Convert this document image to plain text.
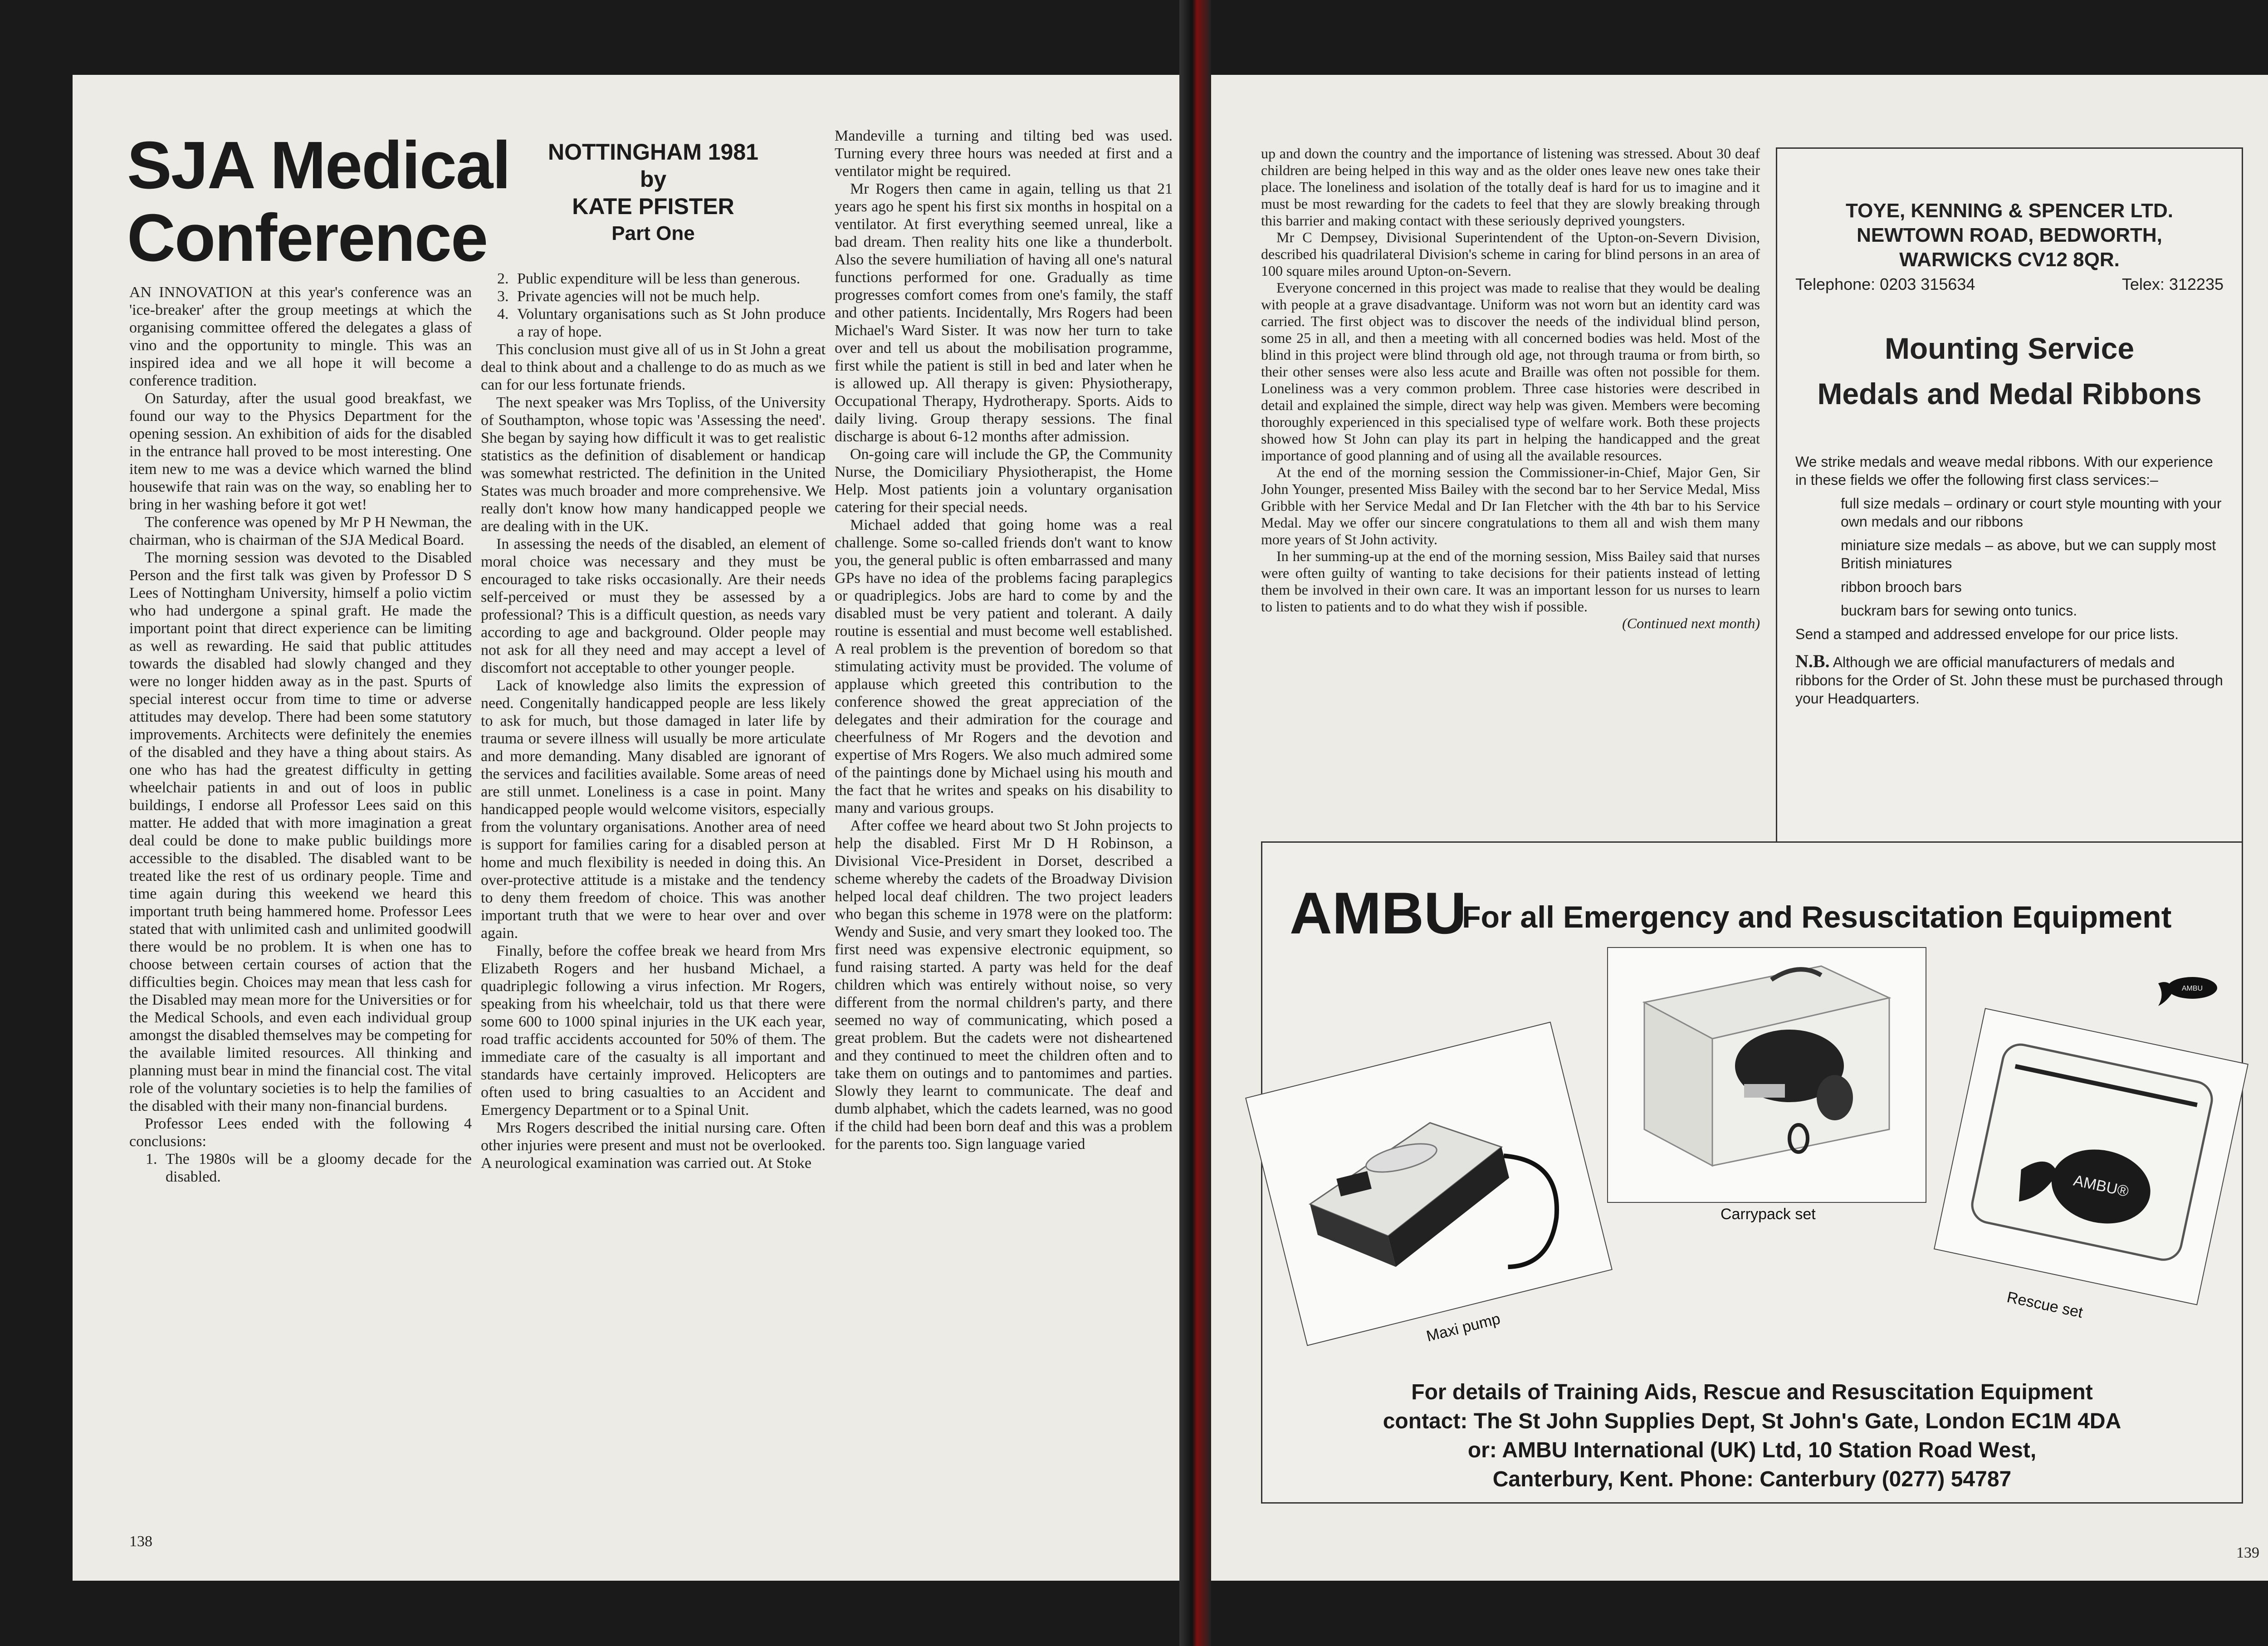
SJA Medical
Conference
NOTTINGHAM 1981
by
KATE PFISTER
Part One

AN INNOVATION at this year's conference was an 'ice-breaker' after the group meetings at which the organising committee offered the delegates a glass of vino and the opportunity to mingle. This was an inspired idea and we all hope it will become a conference tradition.

On Saturday, after the usual good breakfast, we found our way to the Physics Department for the opening session. An exhibition of aids for the disabled in the entrance hall proved to be most interesting. One item new to me was a device which warned the blind housewife that rain was on the way, so enabling her to bring in her washing before it got wet!

The conference was opened by Mr P H Newman, the chairman, who is chairman of the SJA Medical Board.

The morning session was devoted to the Disabled Person and the first talk was given by Professor D S Lees of Nottingham University, himself a polio victim who had undergone a spinal graft. He made the important point that direct experience can be limiting as well as rewarding. He said that public attitudes towards the disabled had slowly changed and they were no longer hidden away as in the past. Spurts of special interest occur from time to time or adverse attitudes may develop. There had been some statutory improvements. Architects were definitely the enemies of the disabled and they have a thing about stairs. As one who has had the greatest difficulty in getting wheelchair patients in and out of loos in public buildings, I endorse all Professor Lees said on this matter. He added that with more imagination a great deal could be done to make public buildings more accessible to the disabled. The disabled want to be treated like the rest of us ordinary people. Time and time again during this weekend we heard this important truth being hammered home. Professor Lees stated that with unlimited cash and unlimited goodwill there would be no problem. It is when one has to choose between certain courses of action that the difficulties begin. Choices may mean that less cash for the Disabled may mean more for the Universities or for the Medical Schools, and even each individual group amongst the disabled themselves may be competing for the available limited resources. All thinking and planning must bear in mind the financial cost. The vital role of the voluntary societies is to help the families of the disabled with their many non-financial burdens.

Professor Lees ended with the following 4 conclusions:

1. The 1980s will be a gloomy decade for the disabled.
2. Public expenditure will be less than generous.
3. Private agencies will not be much help.
4. Voluntary organisations such as St John produce a ray of hope.

This conclusion must give all of us in St John a great deal to think about and a challenge to do as much as we can for our less fortunate friends.

The next speaker was Mrs Topliss, of the University of Southampton, whose topic was 'Assessing the need'. She began by saying how difficult it was to get realistic statistics as the definition of disablement or handicap was somewhat restricted. The definition in the United States was much broader and more comprehensive. We really don't know how many handicapped people we are dealing with in the UK.

In assessing the needs of the disabled, an element of moral choice was necessary and they must be encouraged to take risks occasionally. Are their needs self-perceived or must they be assessed by a professional? This is a difficult question, as needs vary according to age and background. Older people may not ask for all they need and may accept a level of discomfort not acceptable to other younger people.

Lack of knowledge also limits the expression of need. Congenitally handicapped people are less likely to ask for much, but those damaged in later life by trauma or severe illness will usually be more articulate and more demanding. Many disabled are ignorant of the services and facilities available. Some areas of need are still unmet. Loneliness is a case in point. Many handicapped people would welcome visitors, especially from the voluntary organisations. Another area of need is support for families caring for a disabled person at home and much flexibility is needed in doing this. An over-protective attitude is a mistake and the tendency to deny them freedom of choice. This was another important truth that we were to hear over and over again.

Finally, before the coffee break we heard from Mrs Elizabeth Rogers and her husband Michael, a quadriplegic following a virus infection. Mr Rogers, speaking from his wheelchair, told us that there were some 600 to 1000 spinal injuries in the UK each year, road traffic accidents accounted for 50% of them. The immediate care of the casualty is all important and standards have certainly improved. Helicopters are often used to bring casualties to an Accident and Emergency Department or to a Spinal Unit.

Mrs Rogers described the initial nursing care. Often other injuries were present and must not be overlooked. A neurological examination was carried out. At Stoke

Mandeville a turning and tilting bed was used. Turning every three hours was needed at first and a ventilator might be required.

Mr Rogers then came in again, telling us that 21 years ago he spent his first six months in hospital on a ventilator. At first everything seemed unreal, like a bad dream. Then reality hits one like a thunderbolt. Also the severe humiliation of having all one's natural functions performed for one. Gradually as time progresses comfort comes from one's family, the staff and other patients. Incidentally, Mrs Rogers had been Michael's Ward Sister. It was now her turn to take over and tell us about the mobilisation programme, first while the patient is still in bed and later when he is allowed up. All therapy is given: Physiotherapy, Occupational Therapy, Hydrotherapy. Sports. Aids to daily living. Group therapy sessions. The final discharge is about 6-12 months after admission.

On-going care will include the GP, the Community Nurse, the Domiciliary Physiotherapist, the Home Help. Most patients join a voluntary organisation catering for their special needs.

Michael added that going home was a real challenge. Some so-called friends don't want to know you, the general public is often embarrassed and many GPs have no idea of the problems facing paraplegics or quadriplegics. Jobs are hard to come by and the disabled must be very patient and tolerant. A daily routine is essential and must become well established. A real problem is the prevention of boredom so that stimulating activity must be provided. The volume of applause which greeted this contribution to the conference showed the great appreciation of the delegates and their admiration for the courage and cheerfulness of Mr Rogers and the devotion and expertise of Mrs Rogers. We also much admired some of the paintings done by Michael using his mouth and the fact that he writes and speaks on his disability to many and various groups.

After coffee we heard about two St John projects to help the disabled. First Mr D H Robinson, a Divisional Vice-President in Dorset, described a scheme whereby the cadets of the Broadway Division helped local deaf children. The two project leaders who began this scheme in 1978 were on the platform: Wendy and Susie, and very smart they looked too. The first need was expensive electronic equipment, so fund raising started. A party was held for the deaf children which was entirely without noise, so very different from the normal children's party, and there seemed no way of communicating, which posed a great problem. But the cadets were not disheartened and they continued to meet the children often and to take them on outings and to pantomimes and parties. Slowly they learnt to communicate. The deaf and dumb alphabet, which the cadets learned, was no good if the child had been born deaf and this was a problem for the parents too. Sign language varied

138

up and down the country and the importance of listening was stressed. About 30 deaf children are being helped in this way and as the older ones leave new ones take their place. The loneliness and isolation of the totally deaf is hard for us to imagine and it must be most rewarding for the cadets to feel that they are slowly breaking through this barrier and making contact with these seriously deprived youngsters.

Mr C Dempsey, Divisional Superintendent of the Upton-on-Severn Division, described his quadrilateral Division's scheme in caring for blind persons in an area of 100 square miles around Upton-on-Severn.

Everyone concerned in this project was made to realise that they would be dealing with people at a grave disadvantage. Uniform was not worn but an identity card was carried. The first object was to discover the needs of the individual blind person, some 25 in all, and then a meeting with all concerned bodies was held. Most of the blind in this project were blind through old age, not through trauma or from birth, so their other senses were also less acute and Braille was often not possible for them. Loneliness was a very common problem. Three case histories were described in detail and explained the simple, direct way help was given. Members were becoming thoroughly experienced in this specialised type of welfare work. Both these projects showed how St John can play its part in helping the handicapped and the great importance of good planning and of using all the available resources.

At the end of the morning session the Commissioner-in-Chief, Major Gen, Sir John Younger, presented Miss Bailey with the second bar to her Service Medal, Miss Gribble with her Service Medal and Dr Ian Fletcher with the 4th bar to his Service Medal. May we offer our sincere congratulations to them all and wish them many more years of St John activity.

In her summing-up at the end of the morning session, Miss Bailey said that nurses were often guilty of wanting to take decisions for their patients instead of letting them be involved in their own care. It was an important lesson for us nurses to learn to listen to patients and to do what they wish if possible.

(Continued next month)
TOYE, KENNING & SPENCER LTD.
NEWTOWN ROAD, BEDWORTH,
WARWICKS CV12 8QR.
Telephone: 0203 315634	Telex: 312235
Mounting Service
Medals and Medal Ribbons
We strike medals and weave medal ribbons. With our experience in these fields we offer the following first class services:–
full size medals – ordinary or court style mounting with your own medals and our ribbons
miniature size medals – as above, but we can supply most British miniatures
ribbon brooch bars
buckram bars for sewing onto tunics.
Send a stamped and addressed envelope for our price lists.
N.B. Although we are official manufacturers of medals and ribbons for the Order of St. John these must be purchased through your Headquarters.
AMBU
For all Emergency and Resuscitation Equipment
AMBU
Carrypack set
Maxi pump
AMBU®
Rescue set
For details of Training Aids, Rescue and Resuscitation Equipment
contact: The St John Supplies Dept, St John's Gate, London EC1M 4DA
or: AMBU International (UK) Ltd, 10 Station Road West,
Canterbury, Kent. Phone: Canterbury (0277) 54787
139
